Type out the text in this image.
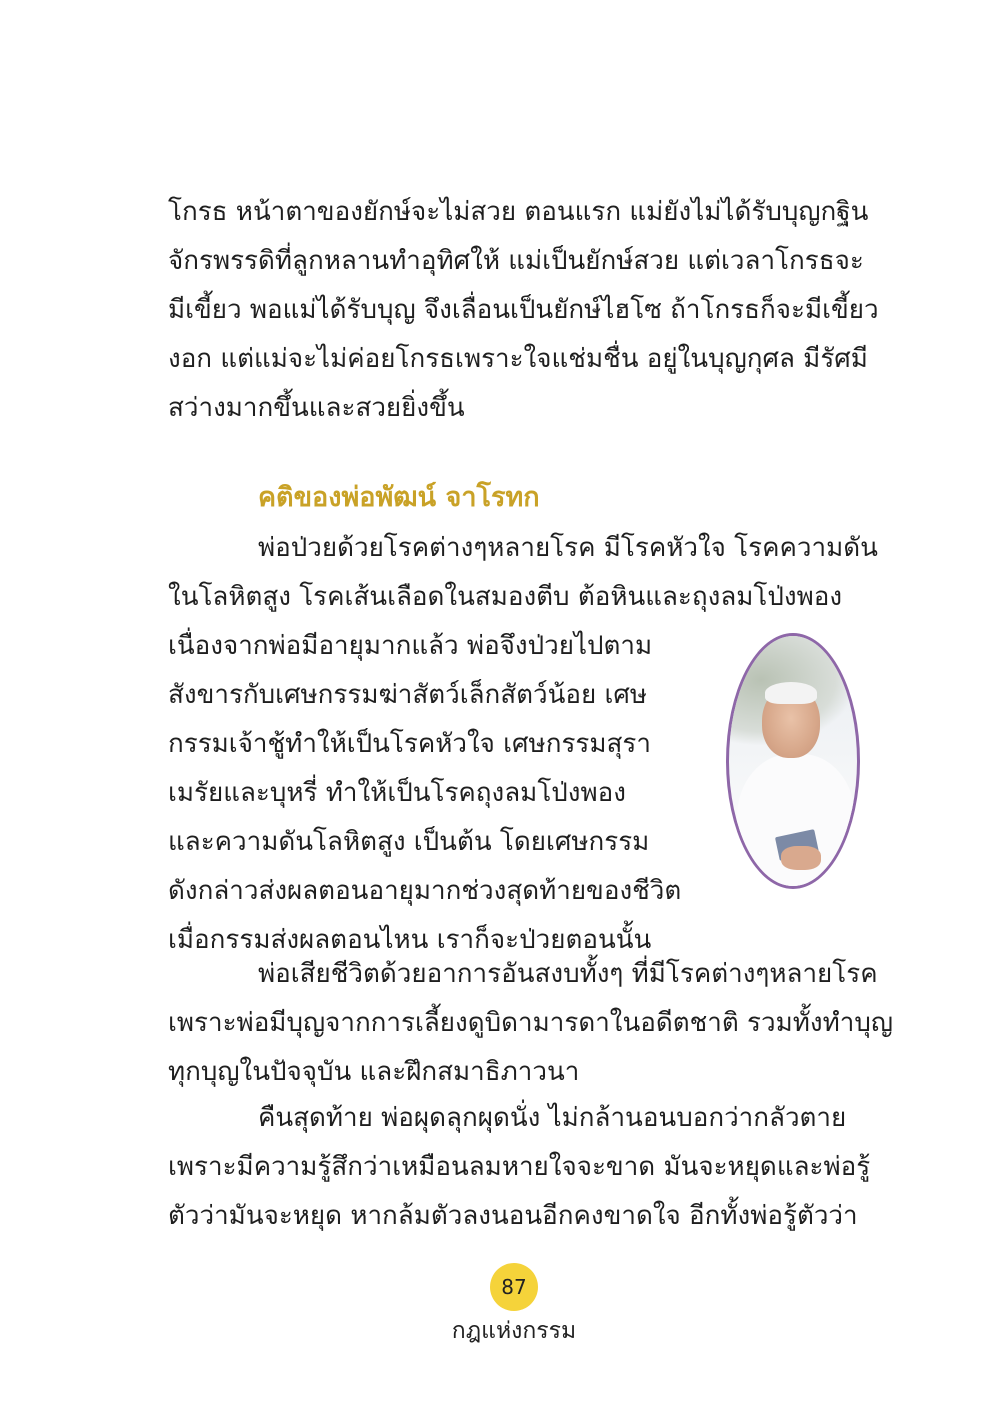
โกรธ หน้าตาของยักษ์จะไม่สวย ตอนแรก แม่ยังไม่ได้รับบุญกฐิน
จักรพรรดิที่ลูกหลานทำอุทิศให้ แม่เป็นยักษ์สวย แต่เวลาโกรธจะ
มีเขี้ยว พอแม่ได้รับบุญ จึงเลื่อนเป็นยักษ์ไฮโซ ถ้าโกรธก็จะมีเขี้ยว
งอก แต่แม่จะไม่ค่อยโกรธเพราะใจแช่มชื่น อยู่ในบุญกุศล มีรัศมี
สว่างมากขึ้นและสวยยิ่งขึ้น
คติของพ่อพัฒน์ จาโรทก
พ่อป่วยด้วยโรคต่างๆหลายโรค มีโรคหัวใจ โรคความดัน
ในโลหิตสูง โรคเส้นเลือดในสมองตีบ ต้อหินและถุงลมโป่งพอง
เนื่องจากพ่อมีอายุมากแล้ว พ่อจึงป่วยไปตาม
สังขารกับเศษกรรมฆ่าสัตว์เล็กสัตว์น้อย เศษ
กรรมเจ้าชู้ทำให้เป็นโรคหัวใจ เศษกรรมสุรา
เมรัยและบุหรี่ ทำให้เป็นโรคถุงลมโป่งพอง
และความดันโลหิตสูง เป็นต้น โดยเศษกรรม
ดังกล่าวส่งผลตอนอายุมากช่วงสุดท้ายของชีวิต
เมื่อกรรมส่งผลตอนไหน เราก็จะป่วยตอนนั้น
พ่อเสียชีวิตด้วยอาการอันสงบทั้งๆ ที่มีโรคต่างๆหลายโรค
เพราะพ่อมีบุญจากการเลี้ยงดูบิดามารดาในอดีตชาติ รวมทั้งทำบุญ
ทุกบุญในปัจจุบัน และฝึกสมาธิภาวนา
คืนสุดท้าย พ่อผุดลุกผุดนั่ง ไม่กล้านอนบอกว่ากลัวตาย
เพราะมีความรู้สึกว่าเหมือนลมหายใจจะขาด มันจะหยุดและพ่อรู้
ตัวว่ามันจะหยุด หากล้มตัวลงนอนอีกคงขาดใจ อีกทั้งพ่อรู้ตัวว่า
87
กฎแห่งกรรม
